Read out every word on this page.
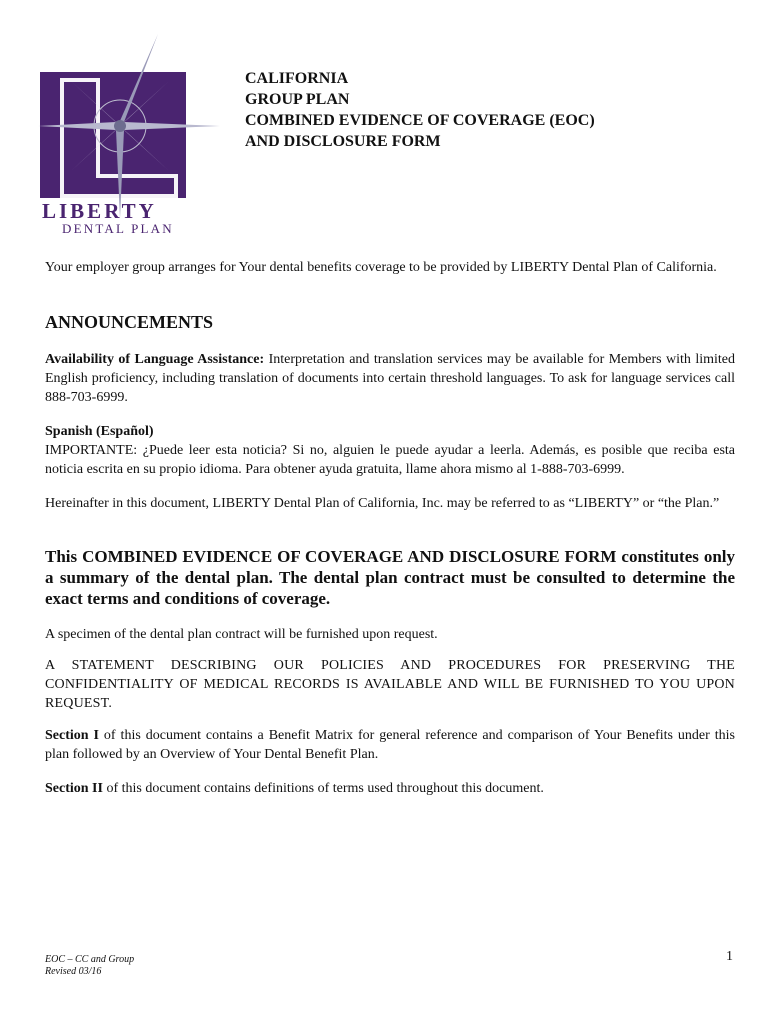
LIBERTY
DENTAL PLAN
CALIFORNIA
GROUP PLAN
COMBINED EVIDENCE OF COVERAGE (EOC)
AND DISCLOSURE FORM
Your employer group arranges for Your dental benefits coverage to be provided by LIBERTY Dental Plan of California.
ANNOUNCEMENTS
Availability of Language Assistance: Interpretation and translation services may be available for Members with limited English proficiency, including translation of documents into certain threshold languages. To ask for language services call 888-703-6999.
Spanish (Español)
IMPORTANTE: ¿Puede leer esta noticia? Si no, alguien le puede ayudar a leerla. Además, es posible que reciba esta noticia escrita en su propio idioma. Para obtener ayuda gratuita, llame ahora mismo al 1-888-703-6999.
Hereinafter in this document, LIBERTY Dental Plan of California, Inc. may be referred to as “LIBERTY” or “the Plan.”
This COMBINED EVIDENCE OF COVERAGE AND DISCLOSURE FORM constitutes only a summary of the dental plan. The dental plan contract must be consulted to determine the exact terms and conditions of coverage.
A specimen of the dental plan contract will be furnished upon request.
A STATEMENT DESCRIBING OUR POLICIES AND PROCEDURES FOR PRESERVING THE CONFIDENTIALITY OF MEDICAL RECORDS IS AVAILABLE AND WILL BE FURNISHED TO YOU UPON REQUEST.
Section I of this document contains a Benefit Matrix for general reference and comparison of Your Benefits under this plan followed by an Overview of Your Dental Benefit Plan.
Section II of this document contains definitions of terms used throughout this document.
EOC – CC and Group
Revised 03/16
1
